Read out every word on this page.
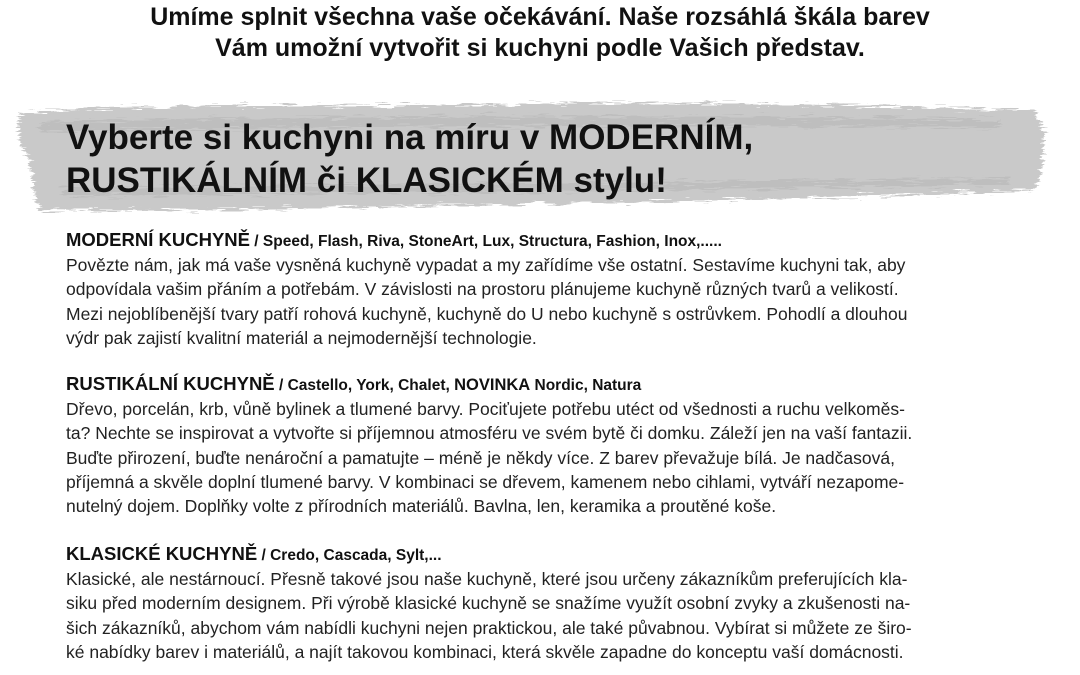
Umíme splnit všechna vaše očekávání. Naše rozsáhlá škála barev
Vám umožní vytvořit si kuchyni podle Vašich představ.
Vyberte si kuchyni na míru v MODERNÍM,
RUSTIKÁLNÍM či KLASICKÉM stylu!
MODERNÍ KUCHYNĚ / Speed, Flash, Riva, StoneArt, Lux, Structura, Fashion, Inox,.....
Povězte nám, jak má vaše vysněná kuchyně vypadat a my zařídíme vše ostatní. Sestavíme kuchyni tak, aby
odpovídala vašim přáním a potřebám. V závislosti na prostoru plánujeme kuchyně různých tvarů a velikostí.
Mezi nejoblíbenější tvary patří rohová kuchyně, kuchyně do U nebo kuchyně s ostrůvkem. Pohodlí a dlouhou
výdr pak zajistí kvalitní materiál a nejmodernější technologie.
RUSTIKÁLNÍ KUCHYNĚ / Castello, York, Chalet, NOVINKA Nordic, Natura
Dřevo, porcelán, krb, vůně bylinek a tlumené barvy. Pociťujete potřebu utéct od všednosti a ruchu velkoměs-
ta? Nechte se inspirovat a vytvořte si příjemnou atmosféru ve svém bytě či domku. Záleží jen na vaší fantazii.
Buďte přirození, buďte nenároční a pamatujte – méně je někdy více. Z barev převažuje bílá. Je nadčasová,
příjemná a skvěle doplní tlumené barvy. V kombinaci se dřevem, kamenem nebo cihlami, vytváří nezapome-
nutelný dojem. Doplňky volte z přírodních materiálů. Bavlna, len, keramika a proutěné koše.
KLASICKÉ KUCHYNĚ / Credo, Cascada, Sylt,...
Klasické, ale nestárnoucí. Přesně takové jsou naše kuchyně, které jsou určeny zákazníkům preferujících kla-
siku před moderním designem. Při výrobě klasické kuchyně se snažíme využít osobní zvyky a zkušenosti na-
šich zákazníků, abychom vám nabídli kuchyni nejen praktickou, ale také půvabnou. Vybírat si můžete ze širo-
ké nabídky barev i materiálů, a najít takovou kombinaci, která skvěle zapadne do konceptu vaší domácnosti.
